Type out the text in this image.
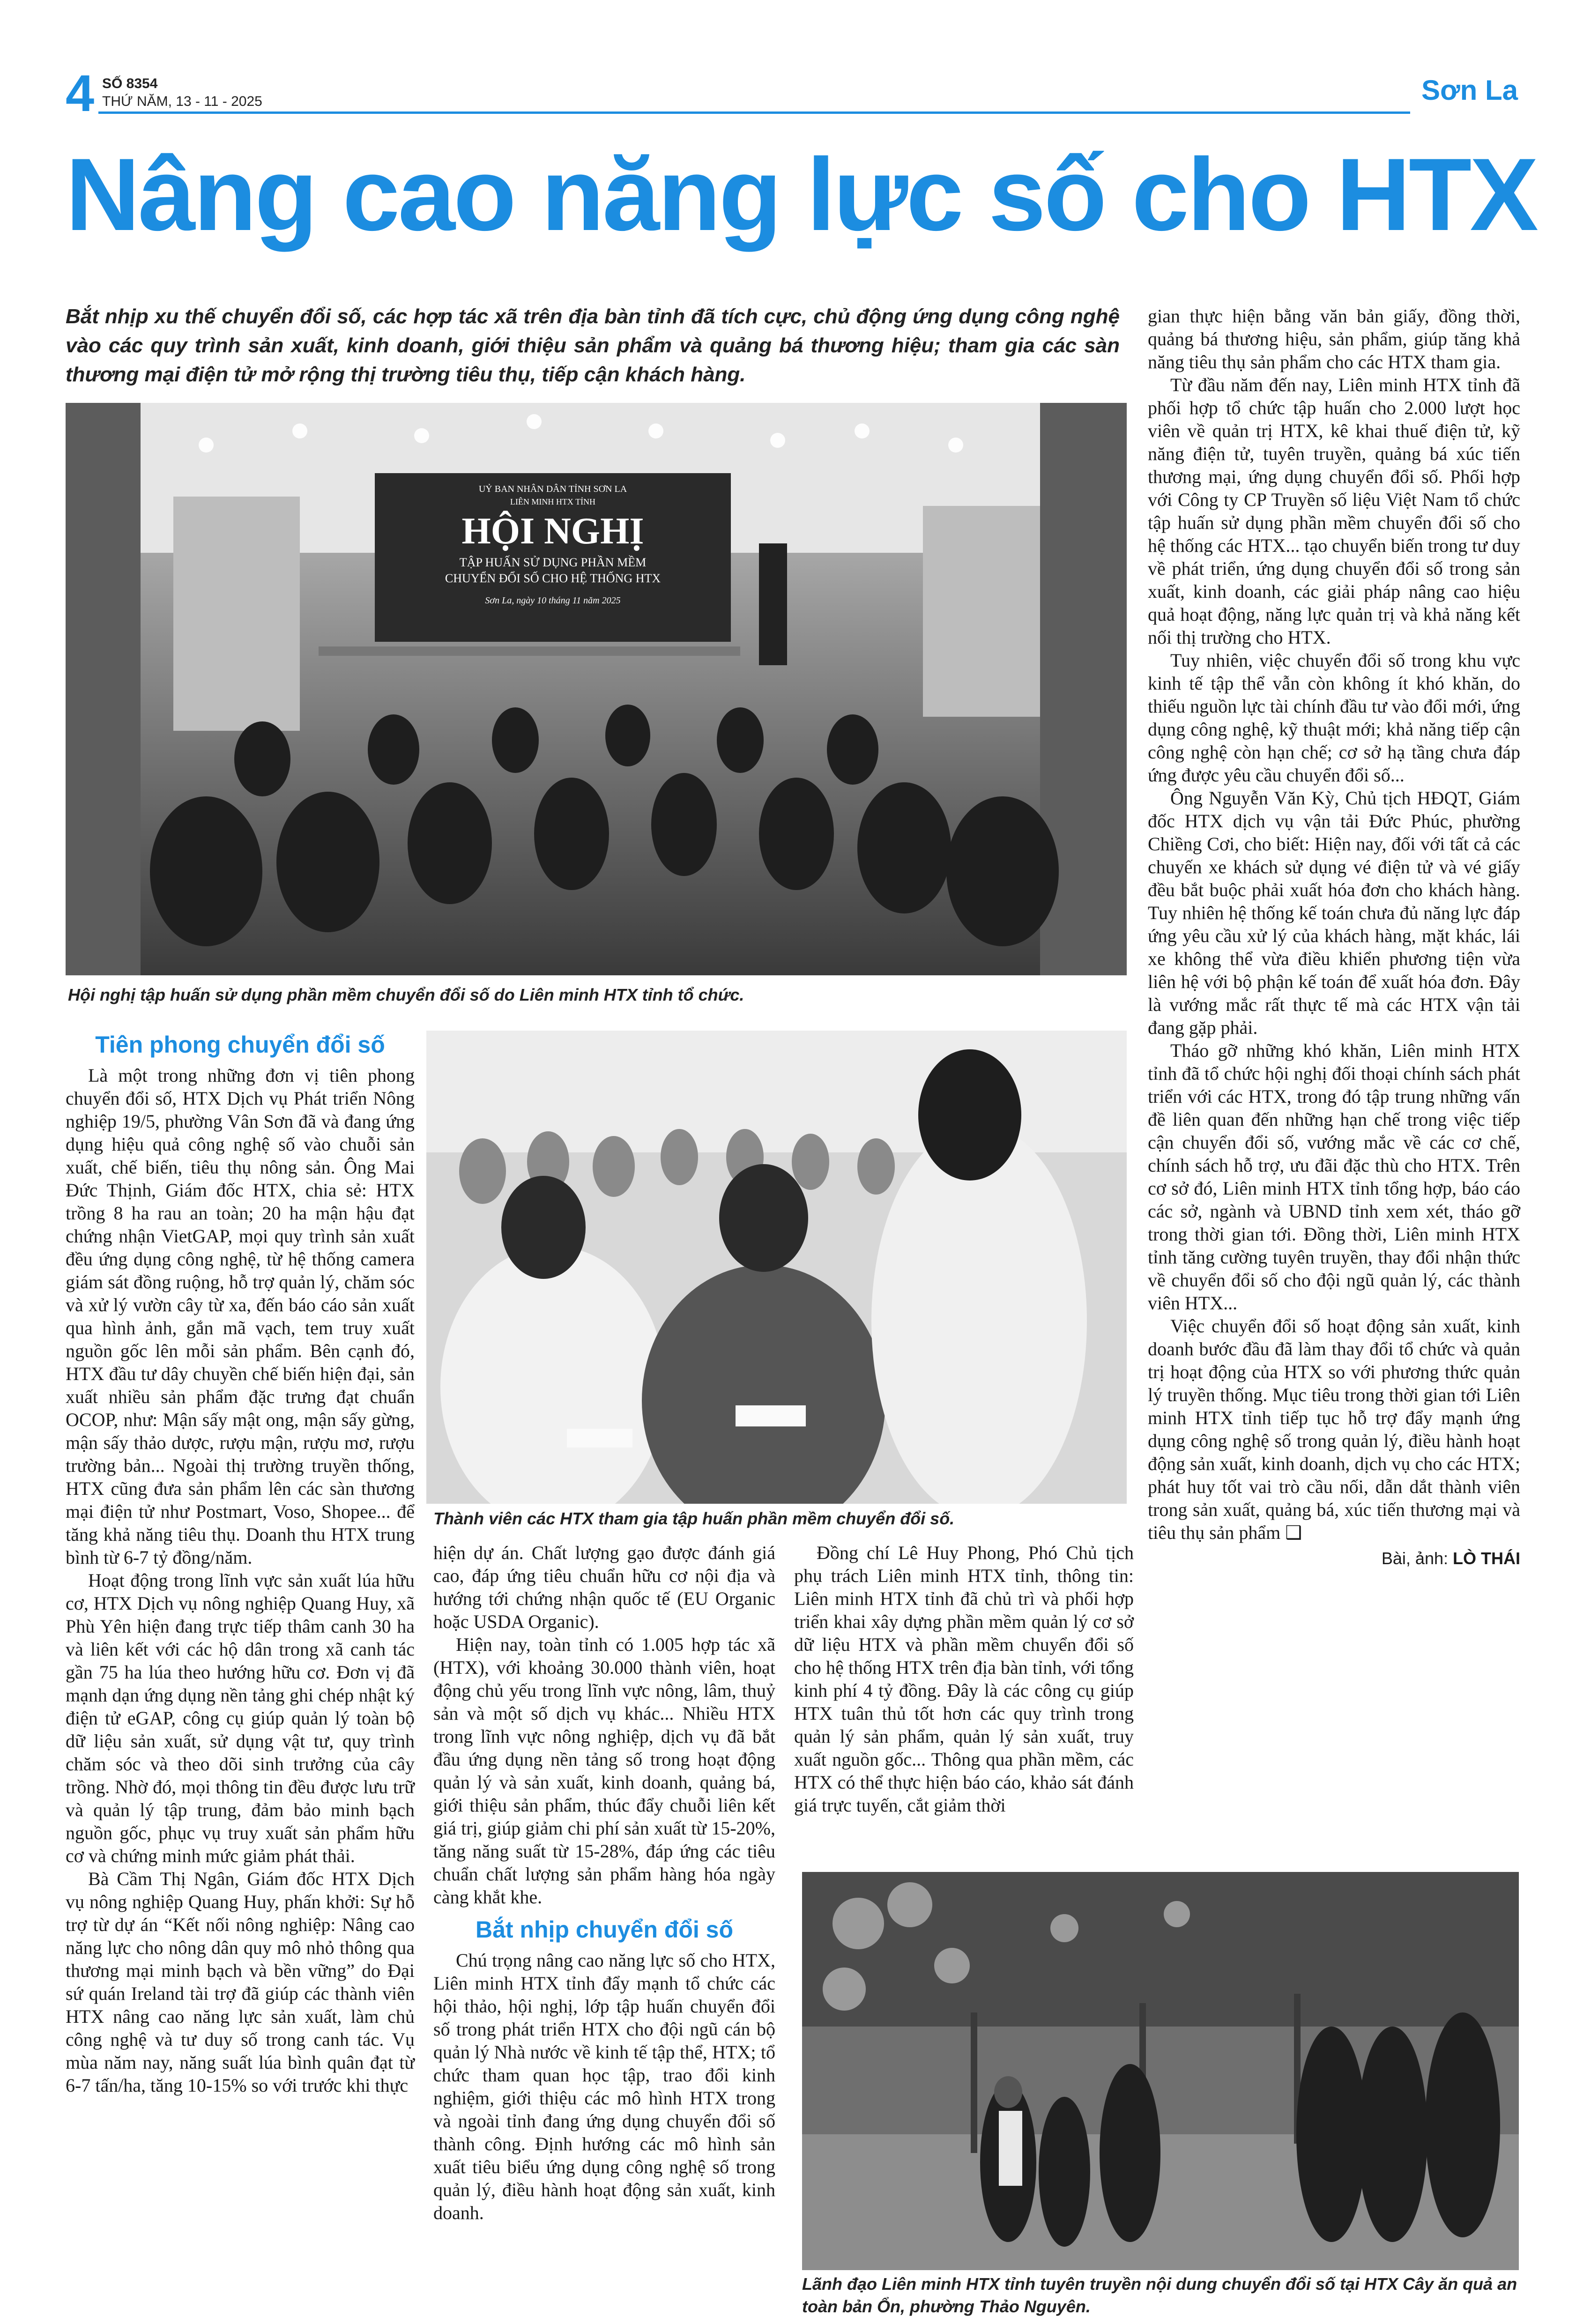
4 SỐ 8354
THỨ NĂM, 13 - 11 - 2025	Sơn La
Nâng cao năng lực số cho HTX
Bắt nhịp xu thế chuyển đổi số, các hợp tác xã trên địa bàn tỉnh đã tích cực, chủ động ứng dụng công nghệ vào các quy trình sản xuất, kinh doanh, giới thiệu sản phẩm và quảng bá thương hiệu; tham gia các sàn thương mại điện tử mở rộng thị trường tiêu thụ, tiếp cận khách hàng.
UỶ BAN NHÂN DÂN TỈNH SƠN LA
LIÊN MINH HTX TỈNH
HỘI NGHỊ
TẬP HUẤN SỬ DỤNG PHẦN MỀM
CHUYỂN ĐỔI SỐ CHO HỆ THỐNG HTX
Sơn La, ngày 10 tháng 11 năm 2025
Hội nghị tập huấn sử dụng phần mềm chuyển đổi số do Liên minh HTX tỉnh tổ chức.
Thành viên các HTX tham gia tập huấn phần mềm chuyển đổi số.
Lãnh đạo Liên minh HTX tỉnh tuyên truyền nội dung chuyển đổi số tại HTX Cây ăn quả an toàn bản Ổn, phường Thảo Nguyên.
Tiên phong chuyển đổi số

Là một trong những đơn vị tiên phong chuyển đổi số, HTX Dịch vụ Phát triển Nông nghiệp 19/5, phường Vân Sơn đã và đang ứng dụng hiệu quả công nghệ số vào chuỗi sản xuất, chế biến, tiêu thụ nông sản. Ông Mai Đức Thịnh, Giám đốc HTX, chia sẻ: HTX trồng 8 ha rau an toàn; 20 ha mận hậu đạt chứng nhận VietGAP, mọi quy trình sản xuất đều ứng dụng công nghệ, từ hệ thống camera giám sát đồng ruộng, hỗ trợ quản lý, chăm sóc và xử lý vườn cây từ xa, đến báo cáo sản xuất qua hình ảnh, gắn mã vạch, tem truy xuất nguồn gốc lên mỗi sản phẩm. Bên cạnh đó, HTX đầu tư dây chuyền chế biến hiện đại, sản xuất nhiều sản phẩm đặc trưng đạt chuẩn OCOP, như: Mận sấy mật ong, mận sấy gừng, mận sấy thảo dược, rượu mận, rượu mơ, rượu trường bản... Ngoài thị trường truyền thống, HTX cũng đưa sản phẩm lên các sàn thương mại điện tử như Postmart, Voso, Shopee... để tăng khả năng tiêu thụ. Doanh thu HTX trung bình từ 6-7 tỷ đồng/năm.

Hoạt động trong lĩnh vực sản xuất lúa hữu cơ, HTX Dịch vụ nông nghiệp Quang Huy, xã Phù Yên hiện đang trực tiếp thâm canh 30 ha và liên kết với các hộ dân trong xã canh tác gần 75 ha lúa theo hướng hữu cơ. Đơn vị đã mạnh dạn ứng dụng nền tảng ghi chép nhật ký điện tử eGAP, công cụ giúp quản lý toàn bộ dữ liệu sản xuất, sử dụng vật tư, quy trình chăm sóc và theo dõi sinh trưởng của cây trồng. Nhờ đó, mọi thông tin đều được lưu trữ và quản lý tập trung, đảm bảo minh bạch nguồn gốc, phục vụ truy xuất sản phẩm hữu cơ và chứng minh mức giảm phát thải.

Bà Cầm Thị Ngân, Giám đốc HTX Dịch vụ nông nghiệp Quang Huy, phấn khởi: Sự hỗ trợ từ dự án “Kết nối nông nghiệp: Nâng cao năng lực cho nông dân quy mô nhỏ thông qua thương mại minh bạch và bền vững” do Đại sứ quán Ireland tài trợ đã giúp các thành viên HTX nâng cao năng lực sản xuất, làm chủ công nghệ và tư duy số trong canh tác. Vụ mùa năm nay, năng suất lúa bình quân đạt từ 6-7 tấn/ha, tăng 10-15% so với trước khi thực

hiện dự án. Chất lượng gạo được đánh giá cao, đáp ứng tiêu chuẩn hữu cơ nội địa và hướng tới chứng nhận quốc tế (EU Organic hoặc USDA Organic).

Hiện nay, toàn tỉnh có 1.005 hợp tác xã (HTX), với khoảng 30.000 thành viên, hoạt động chủ yếu trong lĩnh vực nông, lâm, thuỷ sản và một số dịch vụ khác... Nhiều HTX trong lĩnh vực nông nghiệp, dịch vụ đã bắt đầu ứng dụng nền tảng số trong hoạt động quản lý và sản xuất, kinh doanh, quảng bá, giới thiệu sản phẩm, thúc đẩy chuỗi liên kết giá trị, giúp giảm chi phí sản xuất từ 15-20%, tăng năng suất từ 15-28%, đáp ứng các tiêu chuẩn chất lượng sản phẩm hàng hóa ngày càng khắt khe.

Bắt nhịp chuyển đổi số

Chú trọng nâng cao năng lực số cho HTX, Liên minh HTX tỉnh đẩy mạnh tổ chức các hội thảo, hội nghị, lớp tập huấn chuyển đổi số trong phát triển HTX cho đội ngũ cán bộ quản lý Nhà nước về kinh tế tập thể, HTX; tổ chức tham quan học tập, trao đổi kinh nghiệm, giới thiệu các mô hình HTX trong và ngoài tỉnh đang ứng dụng chuyển đổi số thành công. Định hướng các mô hình sản xuất tiêu biểu ứng dụng công nghệ số trong quản lý, điều hành hoạt động sản xuất, kinh doanh.

Đồng chí Lê Huy Phong, Phó Chủ tịch phụ trách Liên minh HTX tỉnh, thông tin: Liên minh HTX tỉnh đã chủ trì và phối hợp triển khai xây dựng phần mềm quản lý cơ sở dữ liệu HTX và phần mềm chuyển đổi số cho hệ thống HTX trên địa bàn tỉnh, với tổng kinh phí 4 tỷ đồng. Đây là các công cụ giúp HTX tuân thủ tốt hơn các quy trình trong quản lý sản phẩm, quản lý sản xuất, truy xuất nguồn gốc... Thông qua phần mềm, các HTX có thể thực hiện báo cáo, khảo sát đánh giá trực tuyến, cắt giảm thời

gian thực hiện bằng văn bản giấy, đồng thời, quảng bá thương hiệu, sản phẩm, giúp tăng khả năng tiêu thụ sản phẩm cho các HTX tham gia.

Từ đầu năm đến nay, Liên minh HTX tỉnh đã phối hợp tổ chức tập huấn cho 2.000 lượt học viên về quản trị HTX, kê khai thuế điện tử, kỹ năng điện tử, tuyên truyền, quảng bá xúc tiến thương mại, ứng dụng chuyển đổi số. Phối hợp với Công ty CP Truyền số liệu Việt Nam tổ chức tập huấn sử dụng phần mềm chuyển đổi số cho hệ thống các HTX... tạo chuyển biến trong tư duy về phát triển, ứng dụng chuyển đổi số trong sản xuất, kinh doanh, các giải pháp nâng cao hiệu quả hoạt động, năng lực quản trị và khả năng kết nối thị trường cho HTX.

Tuy nhiên, việc chuyển đổi số trong khu vực kinh tế tập thể vẫn còn không ít khó khăn, do thiếu nguồn lực tài chính đầu tư vào đổi mới, ứng dụng công nghệ, kỹ thuật mới; khả năng tiếp cận công nghệ còn hạn chế; cơ sở hạ tầng chưa đáp ứng được yêu cầu chuyển đổi số...

Ông Nguyễn Văn Kỳ, Chủ tịch HĐQT, Giám đốc HTX dịch vụ vận tải Đức Phúc, phường Chiềng Cơi, cho biết: Hiện nay, đối với tất cả các chuyến xe khách sử dụng vé điện tử và vé giấy đều bắt buộc phải xuất hóa đơn cho khách hàng. Tuy nhiên hệ thống kế toán chưa đủ năng lực đáp ứng yêu cầu xử lý của khách hàng, mặt khác, lái xe không thể vừa điều khiển phương tiện vừa liên hệ với bộ phận kế toán để xuất hóa đơn. Đây là vướng mắc rất thực tế mà các HTX vận tải đang gặp phải.

Tháo gỡ những khó khăn, Liên minh HTX tỉnh đã tổ chức hội nghị đối thoại chính sách phát triển với các HTX, trong đó tập trung những vấn đề liên quan đến những hạn chế trong việc tiếp cận chuyển đổi số, vướng mắc về các cơ chế, chính sách hỗ trợ, ưu đãi đặc thù cho HTX. Trên cơ sở đó, Liên minh HTX tỉnh tổng hợp, báo cáo các sở, ngành và UBND tỉnh xem xét, tháo gỡ trong thời gian tới. Đồng thời, Liên minh HTX tỉnh tăng cường tuyên truyền, thay đổi nhận thức về chuyển đổi số cho đội ngũ quản lý, các thành viên HTX...

Việc chuyển đổi số hoạt động sản xuất, kinh doanh bước đầu đã làm thay đổi tổ chức và quản trị hoạt động của HTX so với phương thức quản lý truyền thống. Mục tiêu trong thời gian tới Liên minh HTX tỉnh tiếp tục hỗ trợ đẩy mạnh ứng dụng công nghệ số trong quản lý, điều hành hoạt động sản xuất, kinh doanh, dịch vụ cho các HTX; phát huy tốt vai trò cầu nối, dẫn dắt thành viên trong sản xuất, quảng bá, xúc tiến thương mại và tiêu thụ sản phẩm ❑

Bài, ảnh: LÒ THÁI
